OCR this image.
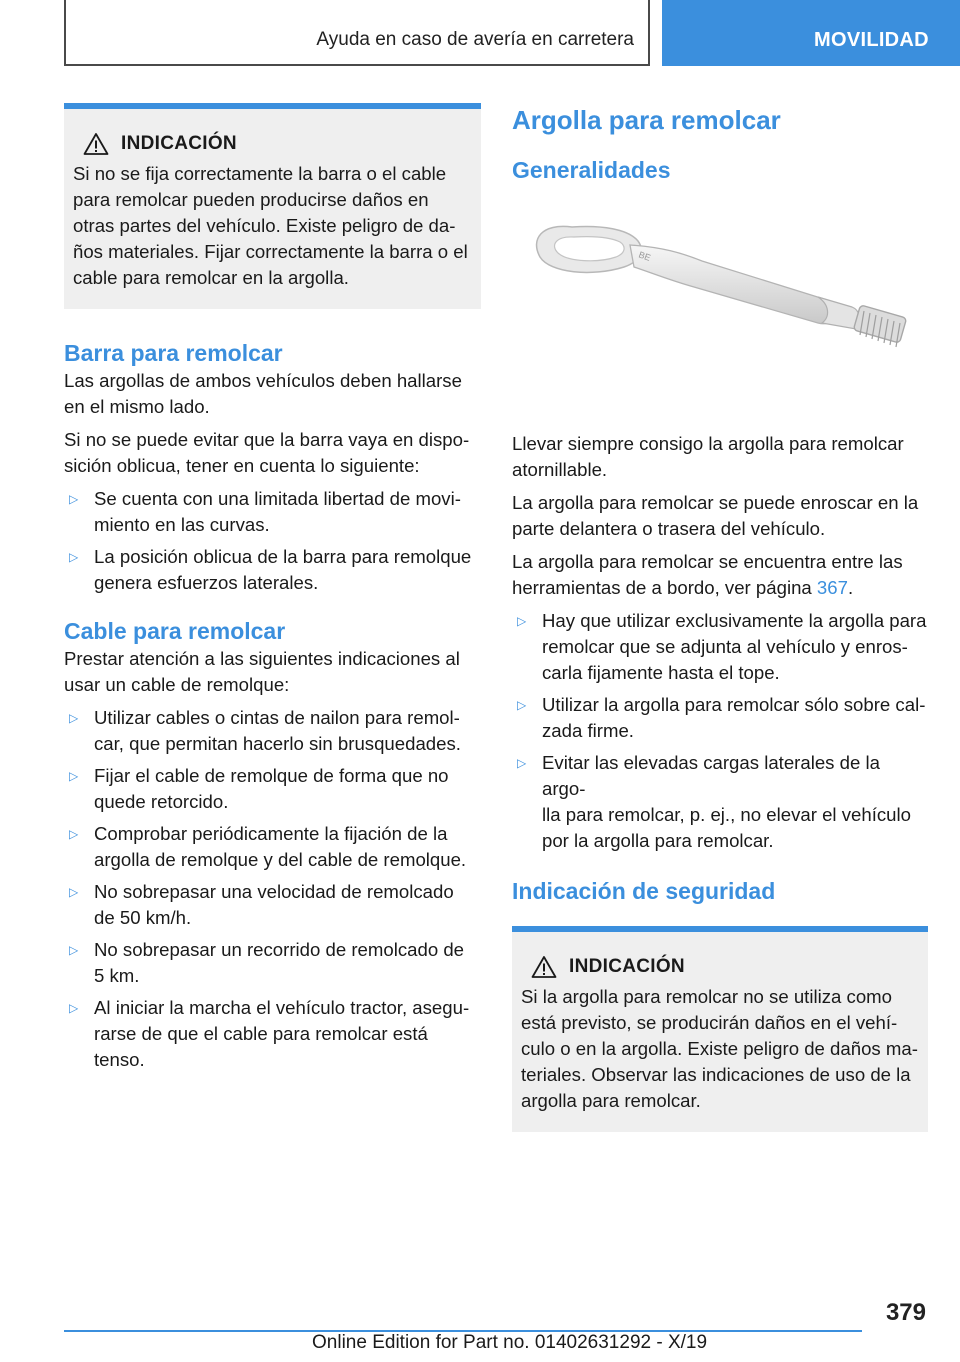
Ayuda en caso de avería en carretera	MOVILIDAD
INDICACIÓN

Si no se fija correctamente la barra o el cable
para remolcar pueden producirse daños en
otras partes del vehículo. Existe peligro de da-
ños materiales. Fijar correctamente la barra o el
cable para remolcar en la argolla.

Barra para remolcar

Las argollas de ambos vehículos deben hallarse
en el mismo lado.

Si no se puede evitar que la barra vaya en dispo-
sición oblicua, tener en cuenta lo siguiente:

▷ Se cuenta con una limitada libertad de movi-
miento en las curvas.
▷ La posición oblicua de la barra para remolque
genera esfuerzos laterales.
Cable para remolcar

Prestar atención a las siguientes indicaciones al
usar un cable de remolque:

▷ Utilizar cables o cintas de nailon para remol-
car, que permitan hacerlo sin brusquedades.
▷ Fijar el cable de remolque de forma que no
quede retorcido.
▷ Comprobar periódicamente la fijación de la
argolla de remolque y del cable de remolque.
▷ No sobrepasar una velocidad de remolcado
de 50 km/h.
▷ No sobrepasar un recorrido de remolcado de
5 km.
▷ Al iniciar la marcha el vehículo tractor, asegu-
rarse de que el cable para remolcar está
tenso.
Argolla para remolcar
Generalidades
BE

Llevar siempre consigo la argolla para remolcar
atornillable.

La argolla para remolcar se puede enroscar en la
parte delantera o trasera del vehículo.

La argolla para remolcar se encuentra entre las
herramientas de a bordo, ver página 367.

▷ Hay que utilizar exclusivamente la argolla para
remolcar que se adjunta al vehículo y enros-
carla fijamente hasta el tope.
▷ Utilizar la argolla para remolcar sólo sobre cal-
zada firme.
▷ Evitar las elevadas cargas laterales de la argo-
lla para remolcar, p. ej., no elevar el vehículo
por la argolla para remolcar.
Indicación de seguridad
INDICACIÓN

Si la argolla para remolcar no se utiliza como
está previsto, se producirán daños en el vehí-
culo o en la argolla. Existe peligro de daños ma-
teriales. Observar las indicaciones de uso de la
argolla para remolcar.

379
Online Edition for Part no. 01402631292 - X/19
